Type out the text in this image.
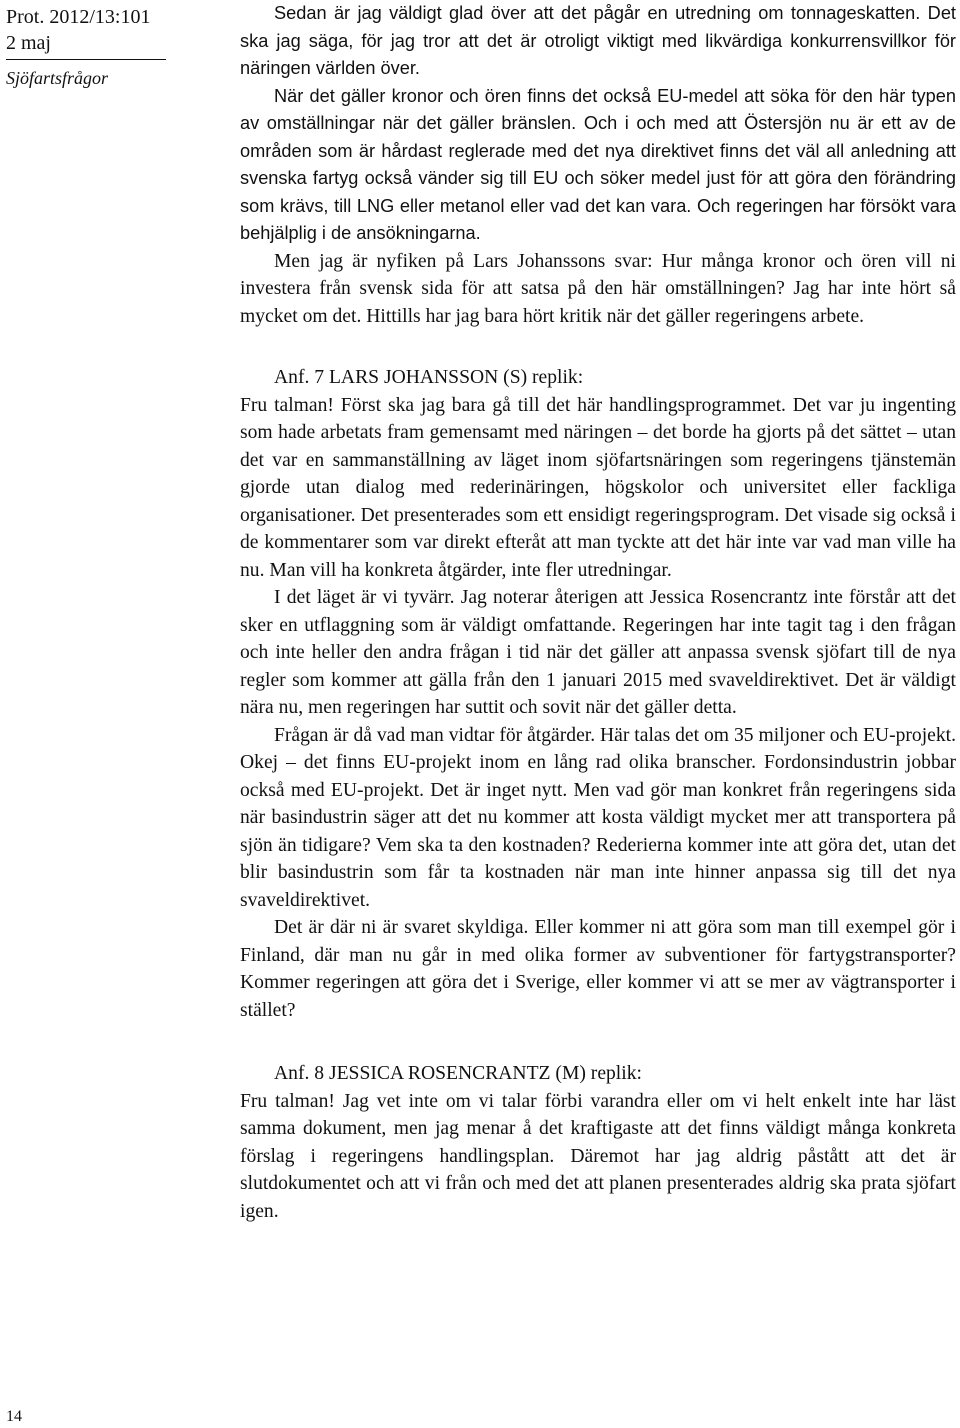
Prot. 2012/13:101
2 maj
Sjöfartsfrågor
14

Sedan är jag väldigt glad över att det pågår en utredning om tonnageskatten. Det ska jag säga, för jag tror att det är otroligt viktigt med likvärdiga konkurrensvillkor för näringen världen över.

När det gäller kronor och ören finns det också EU-medel att söka för den här typen av omställningar när det gäller bränslen. Och i och med att Östersjön nu är ett av de områden som är hårdast reglerade med det nya direktivet finns det väl all anledning att svenska fartyg också vänder sig till EU och söker medel just för att göra den förändring som krävs, till LNG eller metanol eller vad det kan vara. Och regeringen har försökt vara behjälplig i de ansökningarna.

Men jag är nyfiken på Lars Johanssons svar: Hur många kronor och ören vill ni investera från svensk sida för att satsa på den här omställningen? Jag har inte hört så mycket om det. Hittills har jag bara hört kritik när det gäller regeringens arbete.

Anf. 7 LARS JOHANSSON (S) replik:

Fru talman! Först ska jag bara gå till det här handlingsprogrammet. Det var ju ingenting som hade arbetats fram gemensamt med näringen – det borde ha gjorts på det sättet – utan det var en sammanställning av läget inom sjöfartsnäringen som regeringens tjänstemän gjorde utan dialog med rederinäringen, högskolor och universitet eller fackliga organisationer. Det presenterades som ett ensidigt regeringsprogram. Det visade sig också i de kommentarer som var direkt efteråt att man tyckte att det här inte var vad man ville ha nu. Man vill ha konkreta åtgärder, inte fler utredningar.

I det läget är vi tyvärr. Jag noterar återigen att Jessica Rosencrantz inte förstår att det sker en utflaggning som är väldigt omfattande. Regeringen har inte tagit tag i den frågan och inte heller den andra frågan i tid när det gäller att anpassa svensk sjöfart till de nya regler som kommer att gälla från den 1 januari 2015 med svaveldirektivet. Det är väldigt nära nu, men regeringen har suttit och sovit när det gäller detta.

Frågan är då vad man vidtar för åtgärder. Här talas det om 35 miljoner och EU-projekt. Okej – det finns EU-projekt inom en lång rad olika branscher. Fordonsindustrin jobbar också med EU-projekt. Det är inget nytt. Men vad gör man konkret från regeringens sida när basindustrin säger att det nu kommer att kosta väldigt mycket mer att transportera på sjön än tidigare? Vem ska ta den kostnaden? Rederierna kommer inte att göra det, utan det blir basindustrin som får ta kostnaden när man inte hinner anpassa sig till det nya svaveldirektivet.

Det är där ni är svaret skyldiga. Eller kommer ni att göra som man till exempel gör i Finland, där man nu går in med olika former av subventioner för fartygstransporter? Kommer regeringen att göra det i Sverige, eller kommer vi att se mer av vägtransporter i stället?

Anf. 8 JESSICA ROSENCRANTZ (M) replik:

Fru talman! Jag vet inte om vi talar förbi varandra eller om vi helt enkelt inte har läst samma dokument, men jag menar å det kraftigaste att det finns väldigt många konkreta förslag i regeringens handlingsplan. Däremot har jag aldrig påstått att det är slutdokumentet och att vi från och med det att planen presenterades aldrig ska prata sjöfart igen.
